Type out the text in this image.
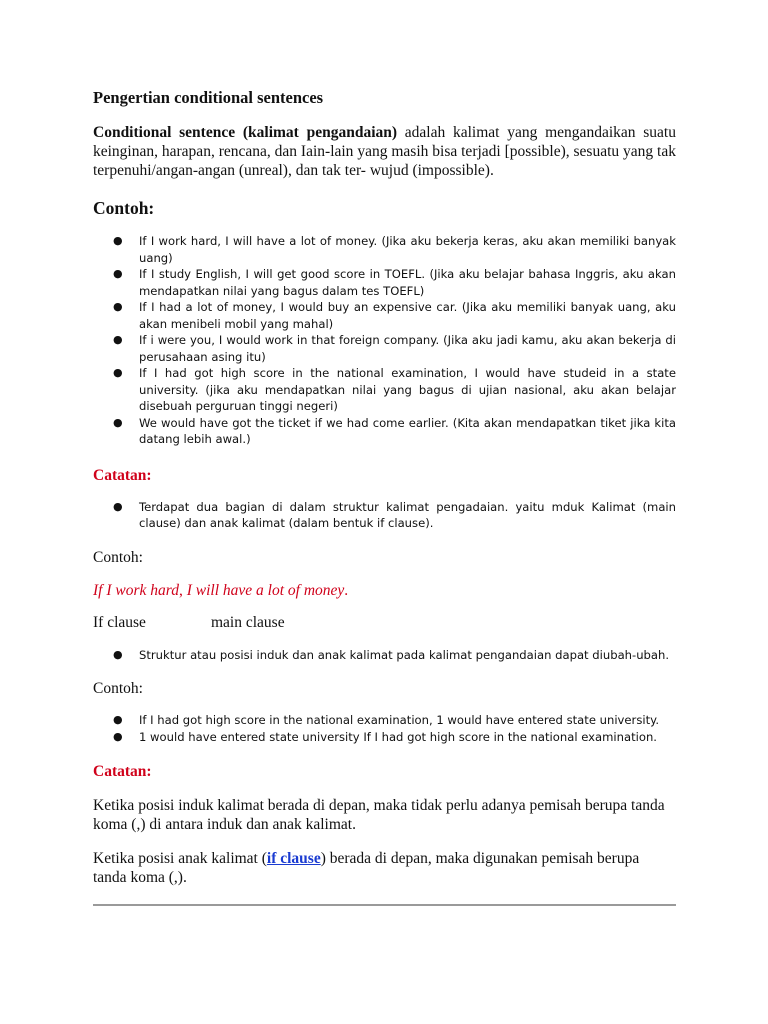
Pengertian conditional sentences

Conditional sentence (kalimat pengandaian) adalah kalimat yang mengandaikan suatu keinginan, harapan, rencana, dan Iain-lain yang masih bisa terjadi [possible), sesuatu yang tak terpenuhi/angan-angan (unreal), dan tak ter- wujud (impossible).

Contoh:
● If I work hard, I will have a lot of money. (Jika aku bekerja keras, aku akan memiliki banyak uang)
● If I study English, I will get good score in TOEFL. (Jika aku belajar bahasa Inggris, aku akan mendapatkan nilai yang bagus dalam tes TOEFL)
● If I had a lot of money, I would buy an expensive car. (Jika aku memiliki banyak uang, aku akan menibeli mobil yang mahal)
● If i were you, I would work in that foreign company. (Jika aku jadi kamu, aku akan bekerja di perusahaan asing itu)
● If I had got high score in the national examination, I would have studeid in a state university. (jika aku mendapatkan nilai yang bagus di ujian nasional, aku akan belajar disebuah perguruan tinggi negeri)
● We would have got the ticket if we had come earlier. (Kita akan mendapatkan tiket jika kita datang lebih awal.)

Catatan:

● Terdapat dua bagian di dalam struktur kalimat pengadaian. yaitu mduk Kalimat (main clause) dan anak kalimat (dalam bentuk if clause).

Contoh:

If I work hard, I will have a lot of money.

If clause	main clause
● Struktur atau posisi induk dan anak kalimat pada kalimat pengandaian dapat diubah-ubah.

Contoh:

● If I had got high score in the national examination, 1 would have entered state university.
● 1 would have entered state university If I had got high score in the national examination.

Catatan:

Ketika posisi induk kalimat berada di depan, maka tidak perlu adanya pemisah berupa tanda koma (,) di antara induk dan anak kalimat.

Ketika posisi anak kalimat (if clause) berada di depan, maka digunakan pemisah berupa tanda koma (,).
